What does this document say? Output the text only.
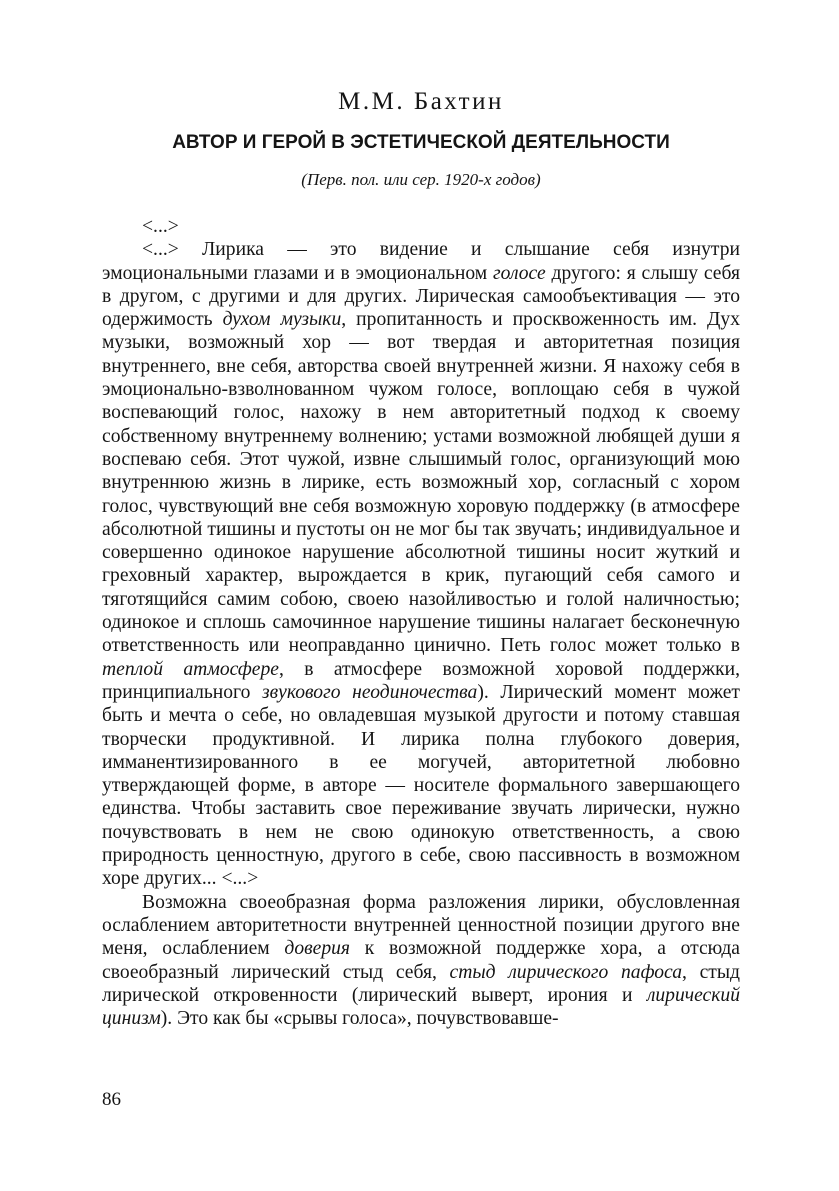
М.М. Бахтин
АВТОР И ГЕРОЙ В ЭСТЕТИЧЕСКОЙ ДЕЯТЕЛЬНОСТИ
(Перв. пол. или сер. 1920-х годов)

<...>

<...> Лирика — это видение и слышание себя изнутри эмоциональными глазами и в эмоциональном голосе другого: я слышу себя в другом, с другими и для других. Лирическая самообъективация — это одержимость духом музыки, пропитанность и просквоженность им. Дух музыки, возможный хор — вот твердая и авторитетная позиция внутреннего, вне себя, авторства своей внутренней жизни. Я нахожу себя в эмоционально-взволнованном чужом голосе, воплощаю себя в чужой воспевающий голос, нахожу в нем авторитетный подход к своему собственному внутреннему волнению; устами возможной любящей души я воспеваю себя. Этот чужой, извне слышимый голос, организующий мою внутреннюю жизнь в лирике, есть возможный хор, согласный с хором голос, чувствующий вне себя возможную хоровую поддержку (в атмосфере абсолютной тишины и пустоты он не мог бы так звучать; индивидуальное и совершенно одинокое нарушение абсолютной тишины носит жуткий и греховный характер, вырождается в крик, пугающий себя самого и тяготящийся самим собою, своею назойливостью и голой наличностью; одинокое и сплошь самочинное нарушение тишины налагает бесконечную ответственность или неоправданно цинично. Петь голос может только в теплой атмосфере, в атмосфере возможной хоровой поддержки, принципиального звукового неодиночества). Лирический момент может быть и мечта о себе, но овладевшая музыкой другости и потому ставшая творчески продуктивной. И лирика полна глубокого доверия, имманентизированного в ее могучей, авторитетной любовно утверждающей форме, в авторе — носителе формального завершающего единства. Чтобы заставить свое переживание звучать лирически, нужно почувствовать в нем не свою одинокую ответственность, а свою природность ценностную, другого в себе, свою пассивность в возможном хоре других... <...>

Возможна своеобразная форма разложения лирики, обусловленная ослаблением авторитетности внутренней ценностной позиции другого вне меня, ослаблением доверия к возможной поддержке хора, а отсюда своеобразный лирический стыд себя, стыд лирического пафоса, стыд лирической откровенности (лирический выверт, ирония и лирический цинизм). Это как бы «срывы голоса», почувствовавше-

86
